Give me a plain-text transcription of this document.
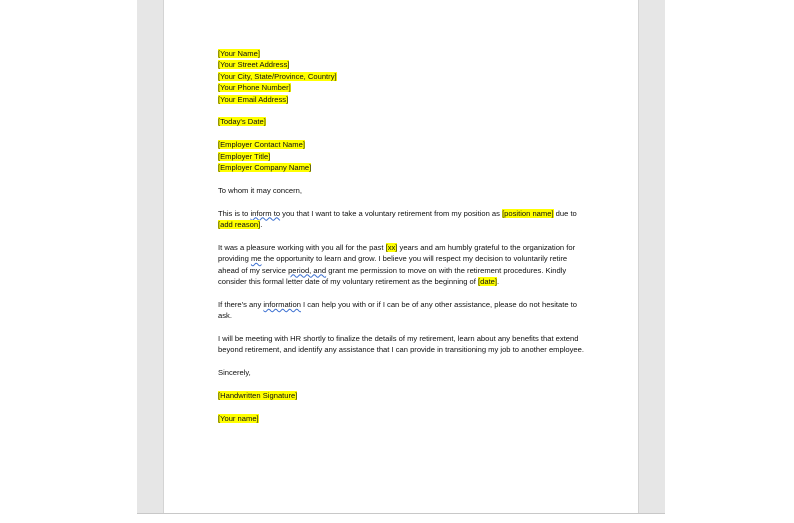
[Your Name]

[Your Street Address]

[Your City, State/Province, Country]

[Your Phone Number]

[Your Email Address]

[Today's Date]

[Employer Contact Name]

[Employer Title]

[Employer Company Name]

To whom it may concern,

This is to inform to you that I want to take a voluntary retirement from my position as [position name] due to [add reason].

It was a pleasure working with you all for the past [xx] years and am humbly grateful to the organization for providing me the opportunity to learn and grow. I believe you will respect my decision to voluntarily retire ahead of my service period, and grant me permission to move on with the retirement procedures. Kindly consider this formal letter date of my voluntary retirement as the beginning of [date].

If there's any information I can help you with or if I can be of any other assistance, please do not hesitate to ask.

I will be meeting with HR shortly to finalize the details of my retirement, learn about any benefits that extend beyond retirement, and identify any assistance that I can provide in transitioning my job to another employee.

Sincerely,

[Handwritten Signature]

[Your name]
